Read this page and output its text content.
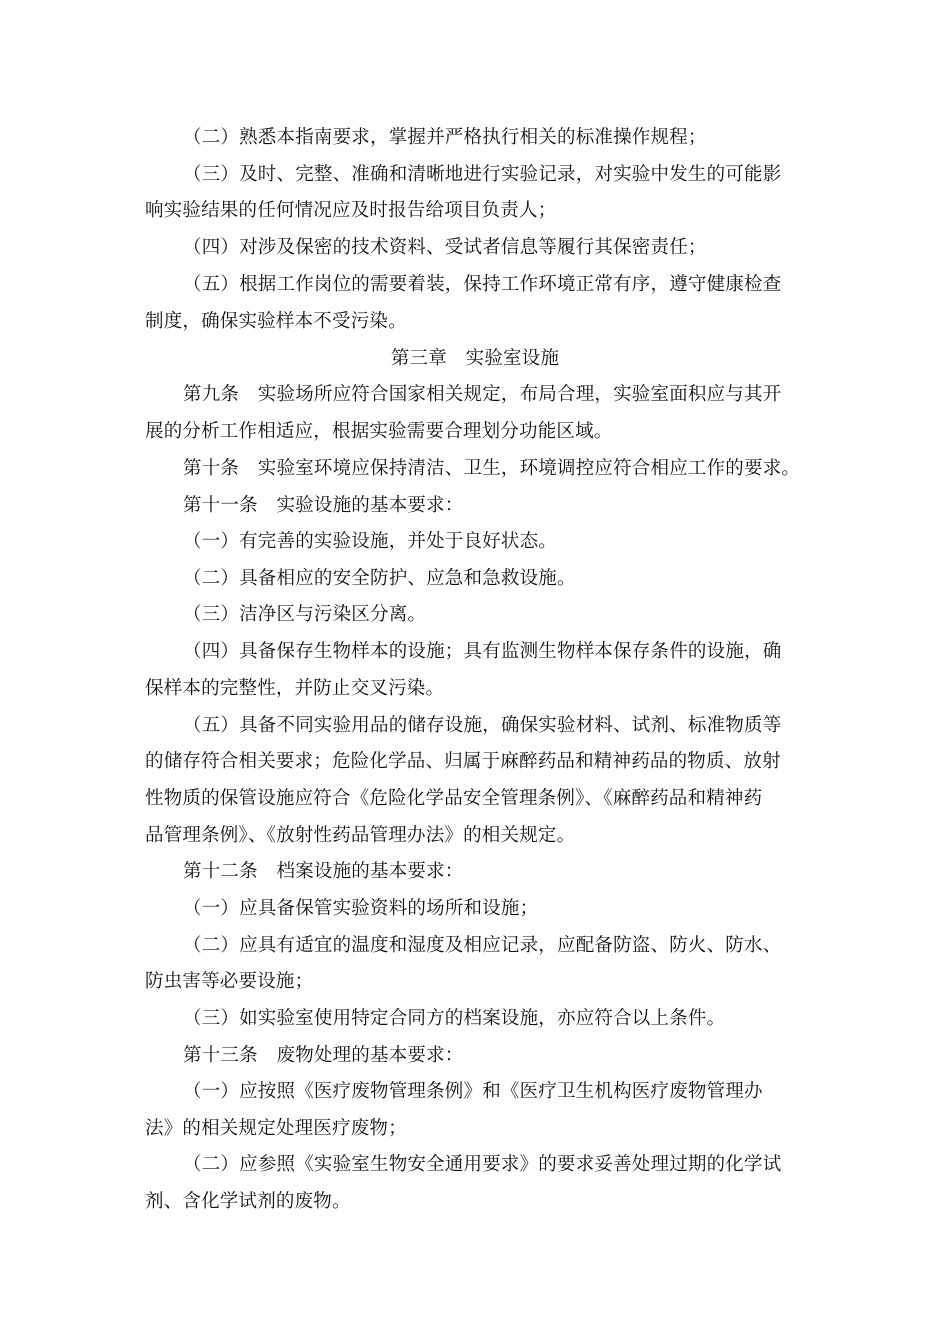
（二）熟悉本指南要求，掌握并严格执行相关的标准操作规程；
（三）及时、完整、准确和清晰地进行实验记录，对实验中发生的可能影
响实验结果的任何情况应及时报告给项目负责人；
（四）对涉及保密的技术资料、受试者信息等履行其保密责任；
（五）根据工作岗位的需要着装，保持工作环境正常有序，遵守健康检查
制度，确保实验样本不受污染。
第三章　实验室设施
第九条　实验场所应符合国家相关规定，布局合理，实验室面积应与其开
展的分析工作相适应，根据实验需要合理划分功能区域。
第十条　实验室环境应保持清洁、卫生，环境调控应符合相应工作的要求。
第十一条　实验设施的基本要求：
（一）有完善的实验设施，并处于良好状态。
（二）具备相应的安全防护、应急和急救设施。
（三）洁净区与污染区分离。
（四）具备保存生物样本的设施；具有监测生物样本保存条件的设施，确
保样本的完整性，并防止交叉污染。
（五）具备不同实验用品的储存设施，确保实验材料、试剂、标准物质等
的储存符合相关要求；危险化学品、归属于麻醉药品和精神药品的物质、放射
性物质的保管设施应符合《危险化学品安全管理条例》、《麻醉药品和精神药
品管理条例》、《放射性药品管理办法》的相关规定。
第十二条　档案设施的基本要求：
（一）应具备保管实验资料的场所和设施；
（二）应具有适宜的温度和湿度及相应记录，应配备防盗、防火、防水、
防虫害等必要设施；
（三）如实验室使用特定合同方的档案设施，亦应符合以上条件。
第十三条　废物处理的基本要求：
（一）应按照《医疗废物管理条例》和《医疗卫生机构医疗废物管理办
法》的相关规定处理医疗废物；
（二）应参照《实验室生物安全通用要求》的要求妥善处理过期的化学试
剂、含化学试剂的废物。
